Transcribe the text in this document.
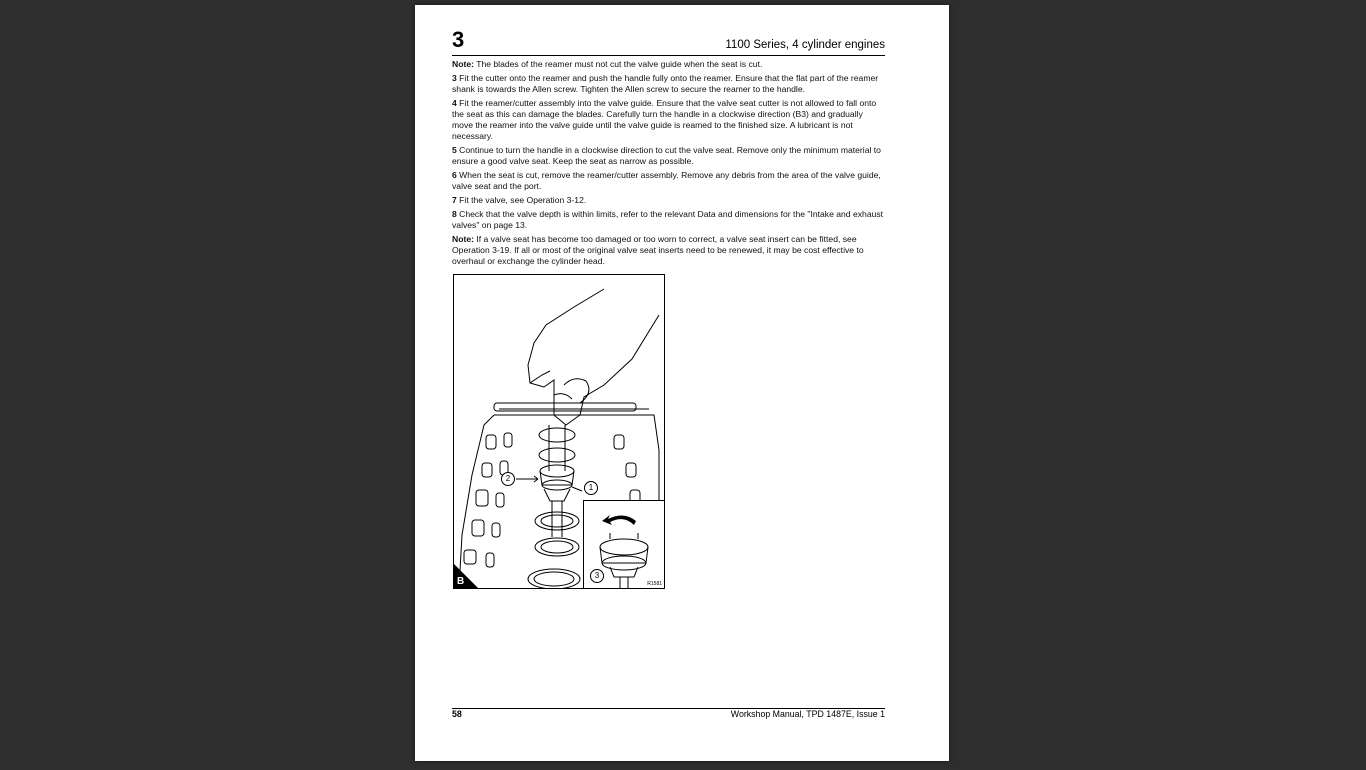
3	1100 Series, 4 cylinder engines

Note: The blades of the reamer must not cut the valve guide when the seat is cut.

3 Fit the cutter onto the reamer and push the handle fully onto the reamer. Ensure that the flat part of the reamer shank is towards the Allen screw. Tighten the Allen screw to secure the reamer to the handle.

4 Fit the reamer/cutter assembly into the valve guide. Ensure that the valve seat cutter is not allowed to fall onto the seat as this can damage the blades. Carefully turn the handle in a clockwise direction (B3) and gradually move the reamer into the valve guide until the valve guide is reamed to the finished size. A lubricant is not necessary.

5 Continue to turn the handle in a clockwise direction to cut the valve seat. Remove only the minimum material to ensure a good valve seat. Keep the seat as narrow as possible.

6 When the seat is cut, remove the reamer/cutter assembly. Remove any debris from the area of the valve guide, valve seat and the port.

7 Fit the valve, see Operation 3-12.

8 Check that the valve depth is within limits, refer to the relevant Data and dimensions for the "Intake and exhaust valves" on page 13.

Note: If a valve seat has become too damaged or too worn to correct, a valve seat insert can be fitted, see Operation 3-19. If all or most of the original valve seat inserts need to be renewed, it may be cost effective to overhaul or exchange the cylinder head.

2
1
3
R1581
B
58	Workshop Manual, TPD 1487E, Issue 1
